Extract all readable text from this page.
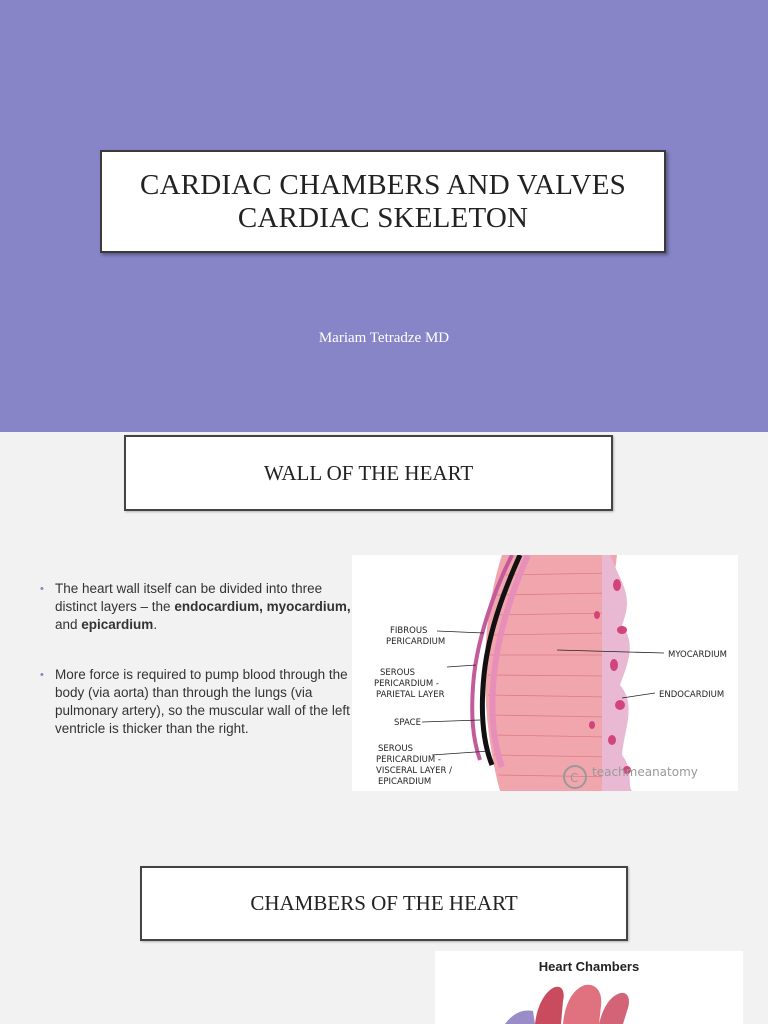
CARDIAC CHAMBERS AND VALVES
CARDIAC SKELETON
Mariam Tetradze MD
WALL OF THE HEART
• The heart wall itself can be divided into three distinct layers – the endocardium, myocardium, and epicardium.
• More force is required to pump blood through the body (via aorta) than through the lungs (via pulmonary artery), so the muscular wall of the left ventricle is thicker than the right.
FIBROUS
PERICARDIUM
SEROUS
PERICARDIUM -
PARIETAL LAYER
SPACE
SEROUS
PERICARDIUM -
VISCERAL LAYER /
EPICARDIUM
MYOCARDIUM
ENDOCARDIUM
C teachmeanatomy
CHAMBERS OF THE HEART
Heart Chambers
